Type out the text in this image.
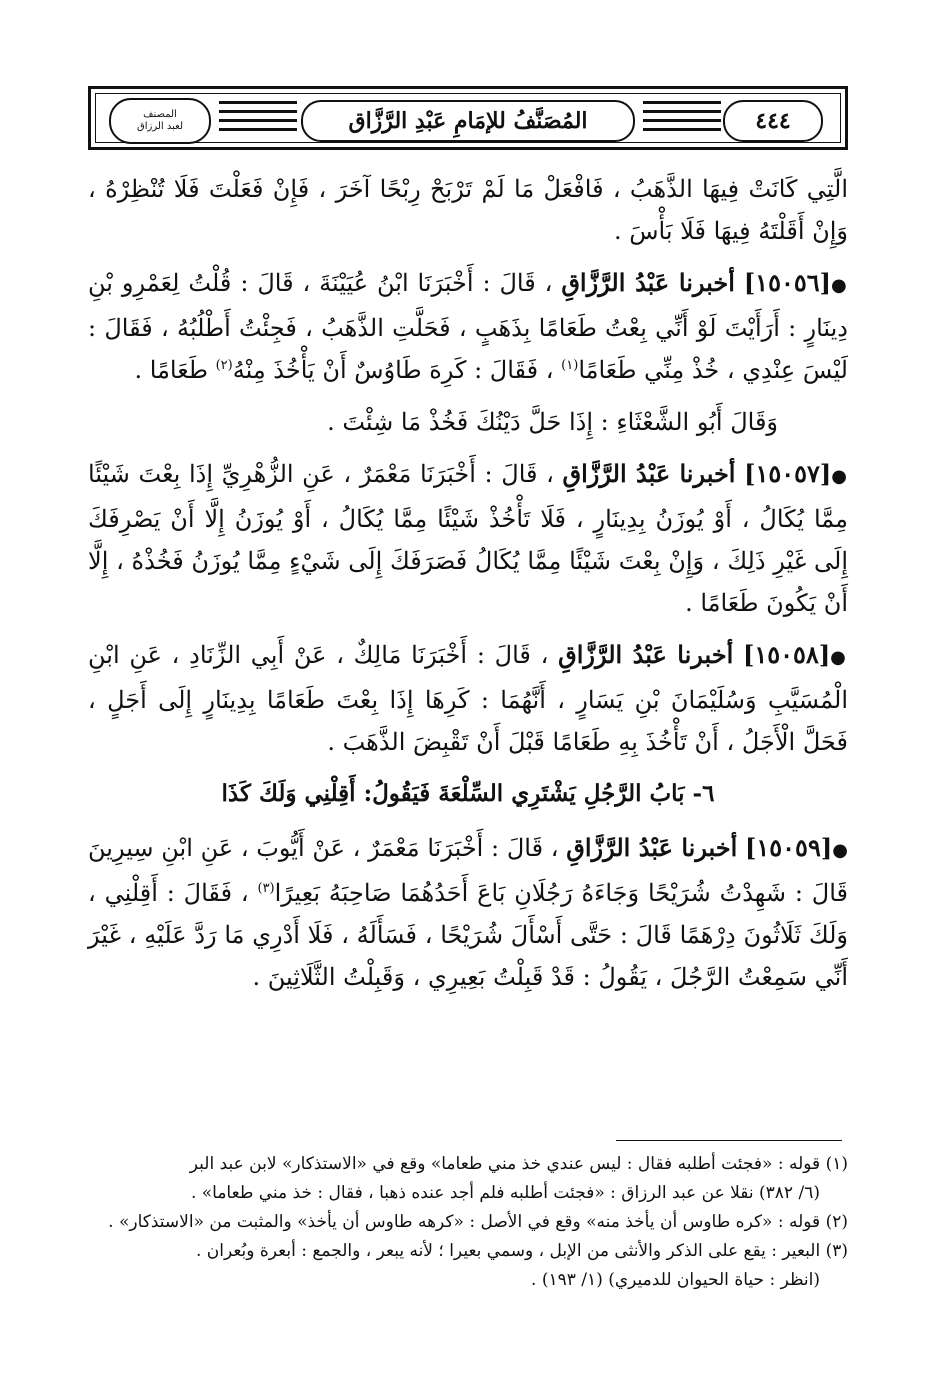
المصنف
لعبد الرزاق	المُصَنَّفُ للإمَامِ عَبْدِ الرَّزَّاق	٤٤٤

الَّتِي كَانَتْ فِيهَا الذَّهَبُ ، فَافْعَلْ مَا لَمْ تَرْبَحْ رِبْحًا آخَرَ ، فَإِنْ فَعَلْتَ فَلَا تُنْظِرْهُ ، وَإِنْ أَقَلْتَهُ فِيهَا فَلَا بَأْسَ .

●[١٥٠٥٦] أخبرنا عَبْدُ الرَّزَّاقِ ، قَالَ : أَخْبَرَنَا ابْنُ عُيَيْنَةَ ، قَالَ : قُلْتُ لِعَمْرِو بْنِ دِينَارٍ : أَرَأَيْتَ لَوْ أَنِّي بِعْتُ طَعَامًا بِذَهَبٍ ، فَحَلَّتِ الذَّهَبُ ، فَجِئْتُ أَطْلُبُهُ ، فَقَالَ : لَيْسَ عِنْدِي ، خُذْ مِنِّي طَعَامًا$^{(١)}$ ، فَقَالَ : كَرِهَ طَاوُسٌ أَنْ يَأْخُذَ مِنْهُ$^{(٢)}$ طَعَامًا .

وَقَالَ أَبُو الشَّعْثَاءِ : إِذَا حَلَّ دَيْنُكَ فَخُذْ مَا شِئْتَ .

●[١٥٠٥٧] أخبرنا عَبْدُ الرَّزَّاقِ ، قَالَ : أَخْبَرَنَا مَعْمَرٌ ، عَنِ الزُّهْرِيِّ إِذَا بِعْتَ شَيْئًا مِمَّا يُكَالُ ، أَوْ يُوزَنُ بِدِينَارٍ ، فَلَا تَأْخُذْ شَيْئًا مِمَّا يُكَالُ ، أَوْ يُوزَنُ إِلَّا أَنْ يَصْرِفَكَ إِلَى غَيْرِ ذَلِكَ ، وَإِنْ بِعْتَ شَيْئًا مِمَّا يُكَالُ فَصَرَفَكَ إِلَى شَيْءٍ مِمَّا يُوزَنُ فَخُذْهُ ، إِلَّا أَنْ يَكُونَ طَعَامًا .

●[١٥٠٥٨] أخبرنا عَبْدُ الرَّزَّاقِ ، قَالَ : أَخْبَرَنَا مَالِكٌ ، عَنْ أَبِي الزِّنَادِ ، عَنِ ابْنِ الْمُسَيَّبِ وَسُلَيْمَانَ بْنِ يَسَارٍ ، أَنَّهُمَا : كَرِهَا إِذَا بِعْتَ طَعَامًا بِدِينَارٍ إِلَى أَجَلٍ ، فَحَلَّ الْأَجَلُ ، أَنْ تَأْخُذَ بِهِ طَعَامًا قَبْلَ أَنْ تَقْبِضَ الذَّهَبَ .

٦- بَابُ الرَّجُلِ يَشْتَرِي السِّلْعَةَ فَيَقُولُ: أَقِلْنِي وَلَكَ كَذَا

●[١٥٠٥٩] أخبرنا عَبْدُ الرَّزَّاقِ ، قَالَ : أَخْبَرَنَا مَعْمَرٌ ، عَنْ أَيُّوبَ ، عَنِ ابْنِ سِيرِينَ قَالَ : شَهِدْتُ شُرَيْحًا وَجَاءَهُ رَجُلَانِ بَاعَ أَحَدُهُمَا صَاحِبَهُ بَعِيرًا$^{(٣)}$ ، فَقَالَ : أَقِلْنِي ، وَلَكَ ثَلَاثُونَ دِرْهَمًا قَالَ : حَتَّى أَسْأَلَ شُرَيْحًا ، فَسَأَلَهُ ، فَلَا أَدْرِي مَا رَدَّ عَلَيْهِ ، غَيْرَ أَنِّي سَمِعْتُ الرَّجُلَ ، يَقُولُ : قَدْ قَبِلْتُ بَعِيرِي ، وَقَبِلْتُ الثَّلَاثِينَ .

(١) قوله : «فجئت أطلبه فقال : ليس عندي خذ مني طعاما» وقع في «الاستذكار» لابن عبد البر

(٦/ ٣٨٢) نقلا عن عبد الرزاق : «فجئت أطلبه فلم أجد عنده ذهبا ، فقال : خذ مني طعاما» .

(٢) قوله : «كره طاوس أن يأخذ منه» وقع في الأصل : «كرهه طاوس أن يأخذ» والمثبت من «الاستذكار» .

(٣) البعير : يقع على الذكر والأنثى من الإبل ، وسمي بعيرا ؛ لأنه يبعر ، والجمع : أبعرة وبُعران .

(انظر : حياة الحيوان للدميري) (١/ ١٩٣) .
